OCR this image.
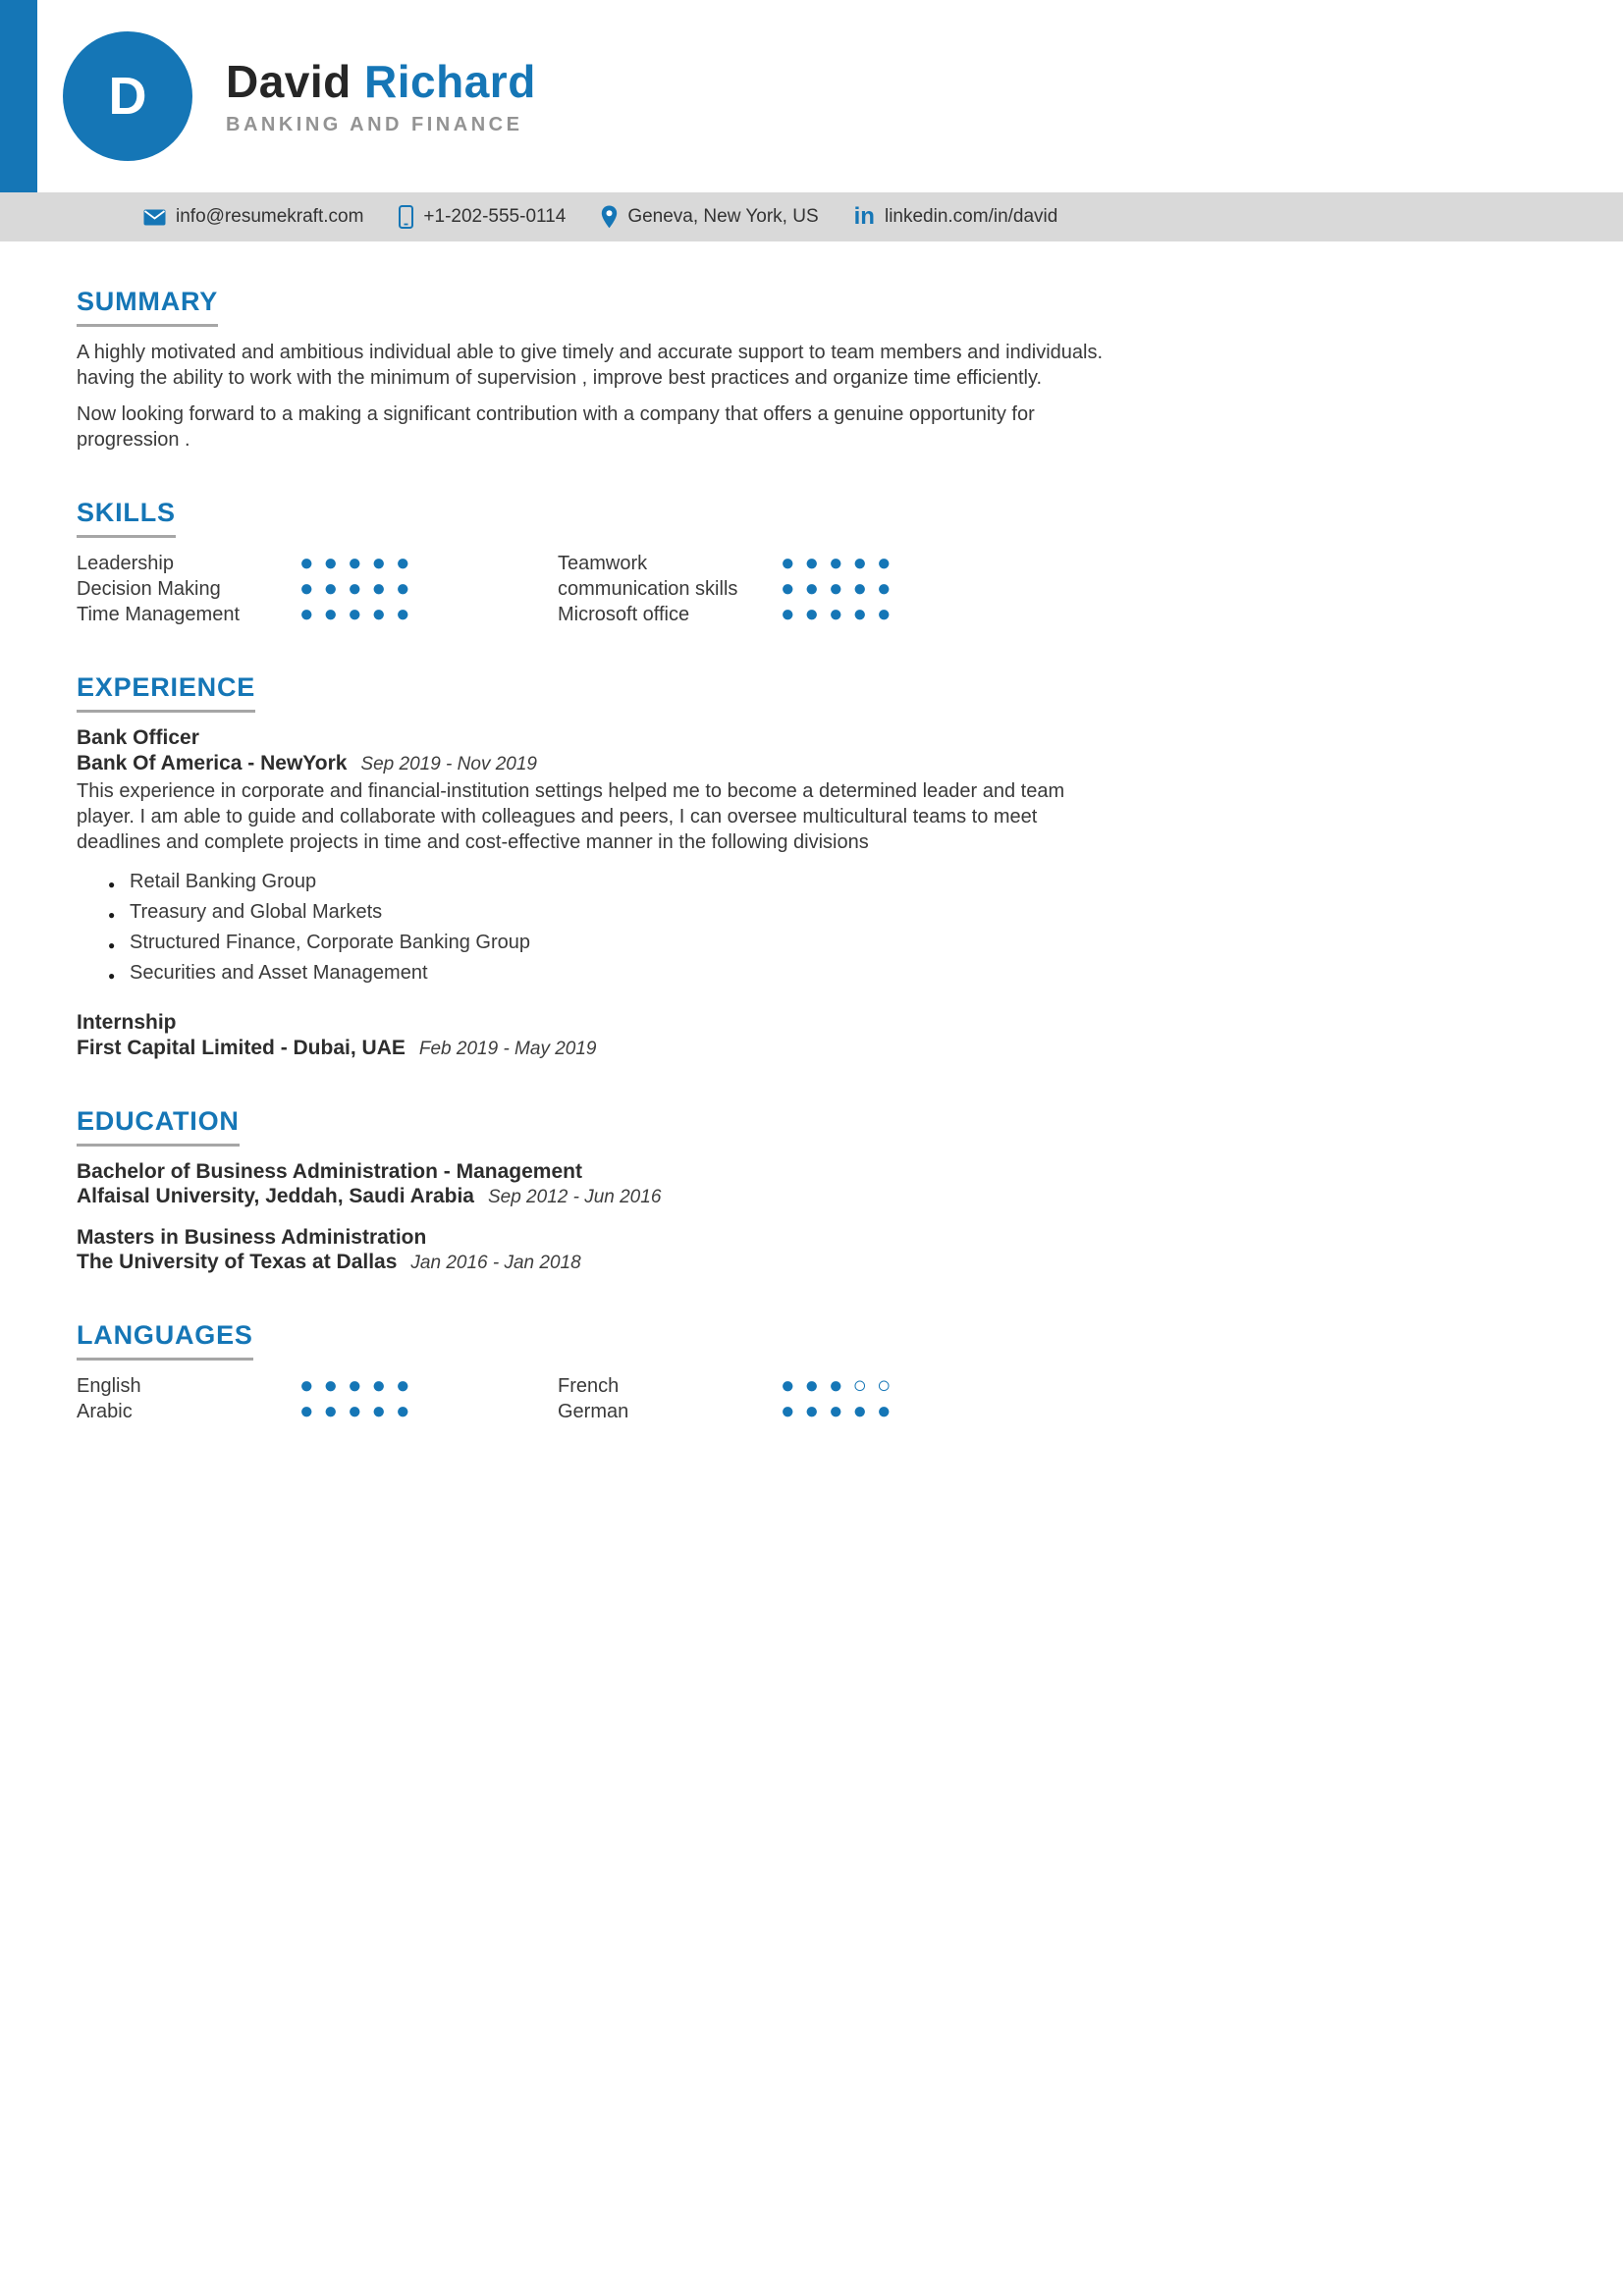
D	David Richard
BANKING AND FINANCE
info@resumekraft.com	+1-202-555-0114	Geneva, New York, US in linkedin.com/in/david
SUMMARY

A highly motivated and ambitious individual able to give timely and accurate support to team members and individuals. having the ability to work with the minimum of supervision , improve best practices and organize time efficiently.

Now looking forward to a making a significant contribution with a company that offers a genuine opportunity for progression .

SKILLS
Leadership	●●●●●
Decision Making	●●●●●
Time Management	●●●●●
Teamwork	●●●●●
communication skills	●●●●●
Microsoft office	●●●●●
EXPERIENCE
Bank Officer
Bank Of America - NewYork Sep 2019 - Nov 2019

This experience in corporate and financial-institution settings helped me to become a determined leader and team player. I am able to guide and collaborate with colleagues and peers, I can oversee multicultural teams to meet deadlines and complete projects in time and cost-effective manner in the following divisions

● Retail Banking Group
● Treasury and Global Markets
● Structured Finance, Corporate Banking Group
● Securities and Asset Management
Internship
First Capital Limited - Dubai, UAE Feb 2019 - May 2019
EDUCATION
Bachelor of Business Administration - Management
Alfaisal University, Jeddah, Saudi Arabia Sep 2012 - Jun 2016
Masters in Business Administration
The University of Texas at Dallas Jan 2016 - Jan 2018
LANGUAGES
English	●●●●●
Arabic	●●●●●
French	●●●○○
German	●●●●●
